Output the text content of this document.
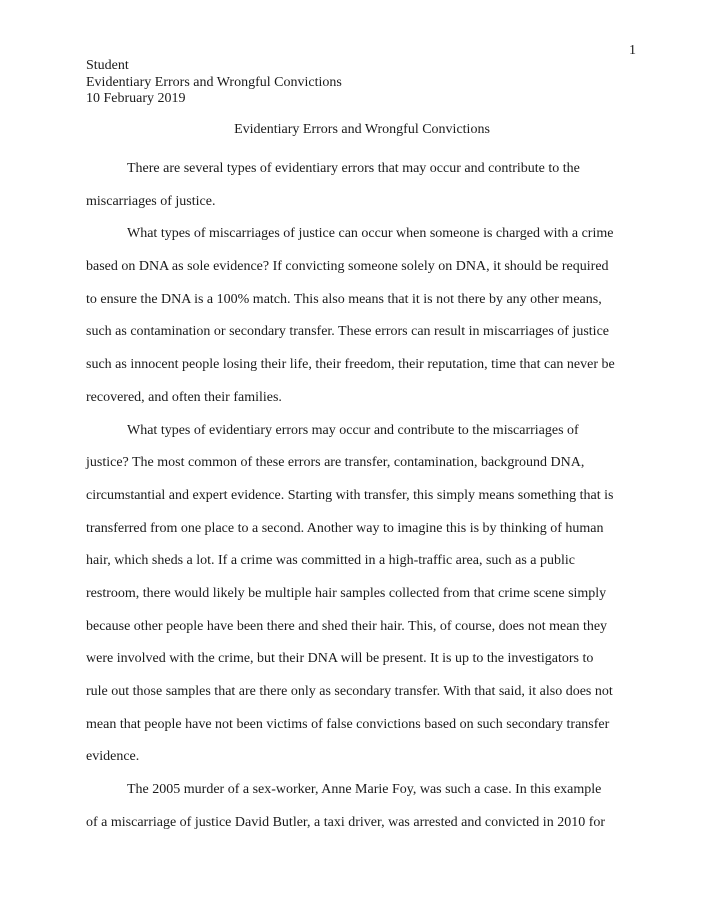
1
Student
Evidentiary Errors and Wrongful Convictions
10 February 2019
Evidentiary Errors and Wrongful Convictions
There are several types of evidentiary errors that may occur and contribute to the
miscarriages of justice.
What types of miscarriages of justice can occur when someone is charged with a crime
based on DNA as sole evidence? If convicting someone solely on DNA, it should be required
to ensure the DNA is a 100% match. This also means that it is not there by any other means,
such as contamination or secondary transfer. These errors can result in miscarriages of justice
such as innocent people losing their life, their freedom, their reputation, time that can never be
recovered, and often their families.
What types of evidentiary errors may occur and contribute to the miscarriages of
justice? The most common of these errors are transfer, contamination, background DNA,
circumstantial and expert evidence. Starting with transfer, this simply means something that is
transferred from one place to a second. Another way to imagine this is by thinking of human
hair, which sheds a lot. If a crime was committed in a high-traffic area, such as a public
restroom, there would likely be multiple hair samples collected from that crime scene simply
because other people have been there and shed their hair. This, of course, does not mean they
were involved with the crime, but their DNA will be present. It is up to the investigators to
rule out those samples that are there only as secondary transfer. With that said, it also does not
mean that people have not been victims of false convictions based on such secondary transfer
evidence.
The 2005 murder of a sex-worker, Anne Marie Foy, was such a case. In this example
of a miscarriage of justice David Butler, a taxi driver, was arrested and convicted in 2010 for
